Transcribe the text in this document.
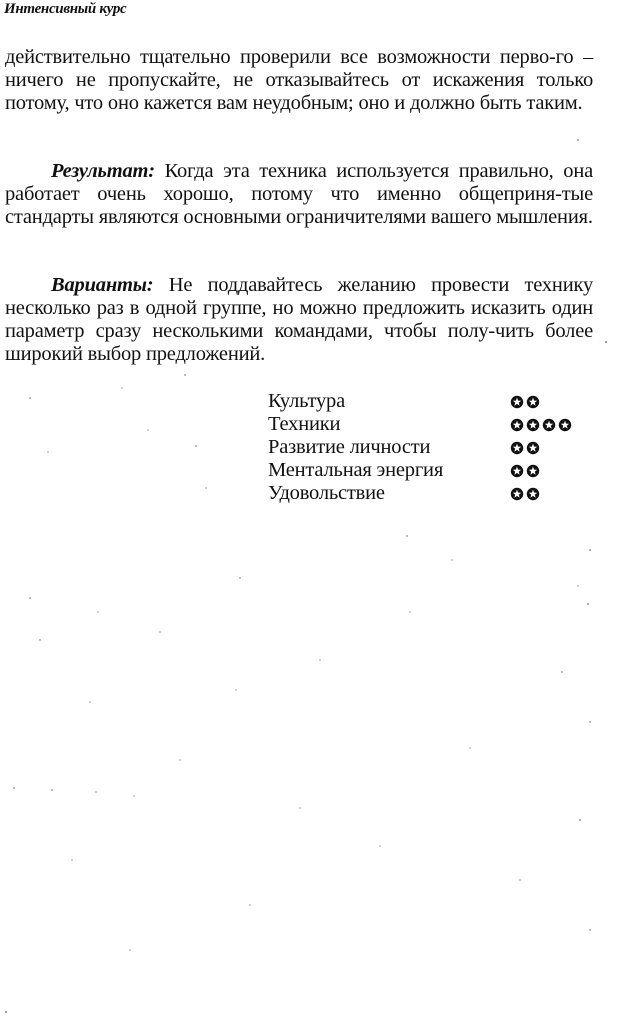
Интенсивный курс

действительно тщательно проверили все возможности перво-го – ничего не пропускайте, не отказывайтесь от искажения только потому, что оно кажется вам неудобным; оно и должно быть таким.

Результат: Когда эта техника используется правильно, она работает очень хорошо, потому что именно общеприня-тые стандарты являются основными ограничителями вашего мышления.

Варианты: Не поддавайтесь желанию провести технику несколько раз в одной группе, но можно предложить исказить один параметр сразу несколькими командами, чтобы полу-чить более широкий выбор предложений.

Культура
Техники
Развитие личности
Ментальная энергия
Удовольствие
